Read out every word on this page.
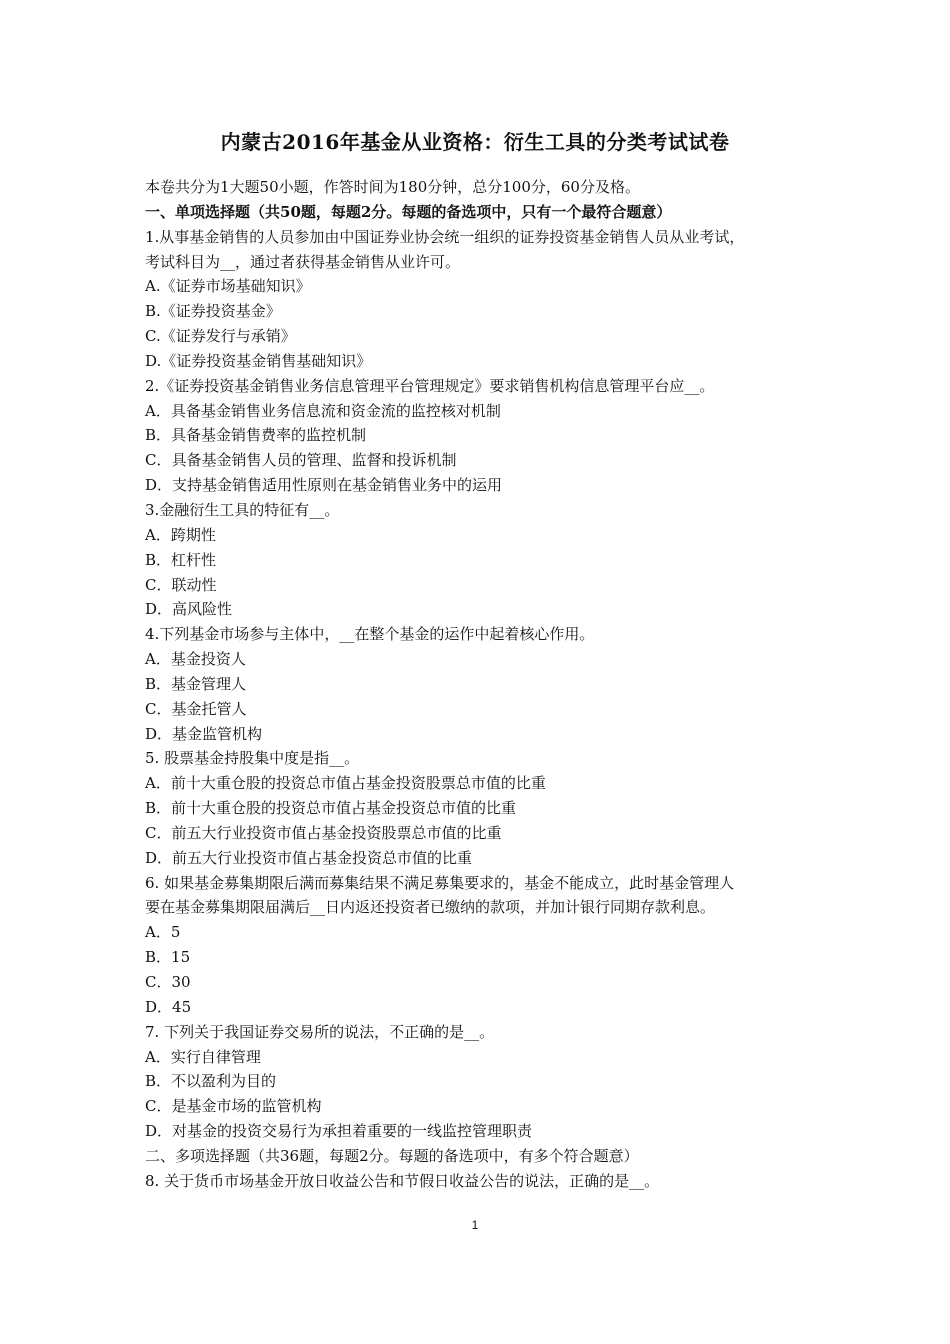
内蒙古2016年基金从业资格：衍生工具的分类考试试卷
本卷共分为1大题50小题，作答时间为180分钟，总分100分，60分及格。
一、单项选择题（共50题，每题2分。每题的备选项中，只有一个最符合题意）
1.从事基金销售的人员参加由中国证券业协会统一组织的证券投资基金销售人员从业考试，
考试科目为__，通过者获得基金销售从业许可。
A.《证券市场基础知识》
B.《证券投资基金》
C.《证券发行与承销》
D.《证券投资基金销售基础知识》
2.《证券投资基金销售业务信息管理平台管理规定》要求销售机构信息管理平台应__。
A．具备基金销售业务信息流和资金流的监控核对机制
B．具备基金销售费率的监控机制
C．具备基金销售人员的管理、监督和投诉机制
D．支持基金销售适用性原则在基金销售业务中的运用
3.金融衍生工具的特征有__。
A．跨期性
B．杠杆性
C．联动性
D．高风险性
4.下列基金市场参与主体中，__在整个基金的运作中起着核心作用。
A．基金投资人
B．基金管理人
C．基金托管人
D．基金监管机构
5. 股票基金持股集中度是指__。
A．前十大重仓股的投资总市值占基金投资股票总市值的比重
B．前十大重仓股的投资总市值占基金投资总市值的比重
C．前五大行业投资市值占基金投资股票总市值的比重
D．前五大行业投资市值占基金投资总市值的比重
6. 如果基金募集期限后满而募集结果不满足募集要求的，基金不能成立，此时基金管理人
要在基金募集期限届满后__日内返还投资者已缴纳的款项，并加计银行同期存款利息。
A．5
B．15
C．30
D．45
7. 下列关于我国证券交易所的说法，不正确的是__。
A．实行自律管理
B．不以盈利为目的
C．是基金市场的监管机构
D．对基金的投资交易行为承担着重要的一线监控管理职责
二、多项选择题（共36题，每题2分。每题的备选项中，有多个符合题意）
8. 关于货币市场基金开放日收益公告和节假日收益公告的说法，正确的是__。
1
